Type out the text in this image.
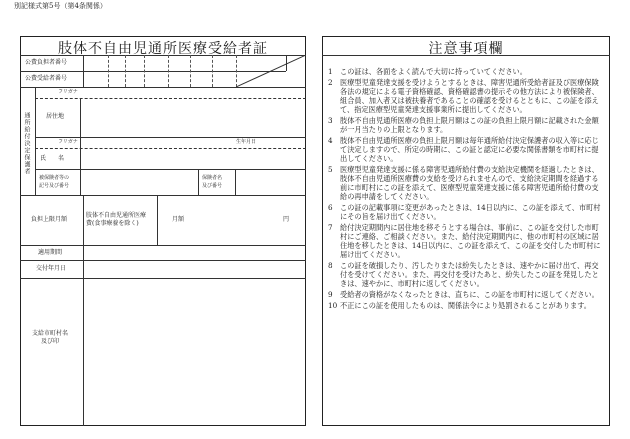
別記様式第5号（第4条関係）
肢体不自由児通所医療受給者証
公費負担者番号
公費受給者番号
通所給付決定保護者
フリガナ
居住地
フリガナ	生年月日
氏　　名
被保険者等の
記号及び番号
保険者名
及び番号
負担上限月額
肢体不自由児通所医療
費(食事療養を除く)
月額	円
適用期間
交付年月日
支給市町村名
及び印
注意事項欄
1 この証は、各面をよく読んで大切に持っていてください。
2 医療型児童発達支援を受けようとするときは、障害児通所受給者証及び医療保険各法の規定による電子資格確認、資格確認書の提示その他方法により被保険者、組合員、加入者又は被扶養者であることの確認を受けるとともに、この証を添えて、指定医療型児童発達支援事業所に提出してください。
3 肢体不自由児通所医療の負担上限月額はこの証の負担上限月額に記載された金額が一月当たりの上限となります。
4 肢体不自由児通所医療の負担上限月額は毎年通所給付決定保護者の収入等に応じて決定しますので、所定の時期に、この証と認定に必要な関係書類を市町村に提出してください。
5 医療型児童発達支援に係る障害児通所給付費の支給決定機関を経過したときは、肢体不自由児通所医療費の支給を受けられませんので、支給決定期間を経過する前に市町村にこの証を添えて、医療型児童発達支援に係る障害児通所給付費の支給の再申請をしてください。
6 この証の記載事項に変更があったときは、14日以内に、この証を添えて、市町村にその旨を届け出てください。
7 給付決定期間内に居住地を移そうとする場合は、事前に、この証を交付した市町村にご連絡、ご相談ください。また、給付決定期間内に、他の市町村の区域に居住地を移したときは、14日以内に、この証を添えて、この証を交付した市町村に届け出てください。
8 この証を破損したり、汚したりまたは紛失したときは、速やかに届け出て、再交付を受けてください。また、再交付を受けたあと、紛失したこの証を発見したときは、速やかに、市町村に返してください。
9 受給者の資格がなくなったときは、直ちに、この証を市町村に返してください。
10 不正にこの証を使用したものは、関係法令により処罰されることがあります。
